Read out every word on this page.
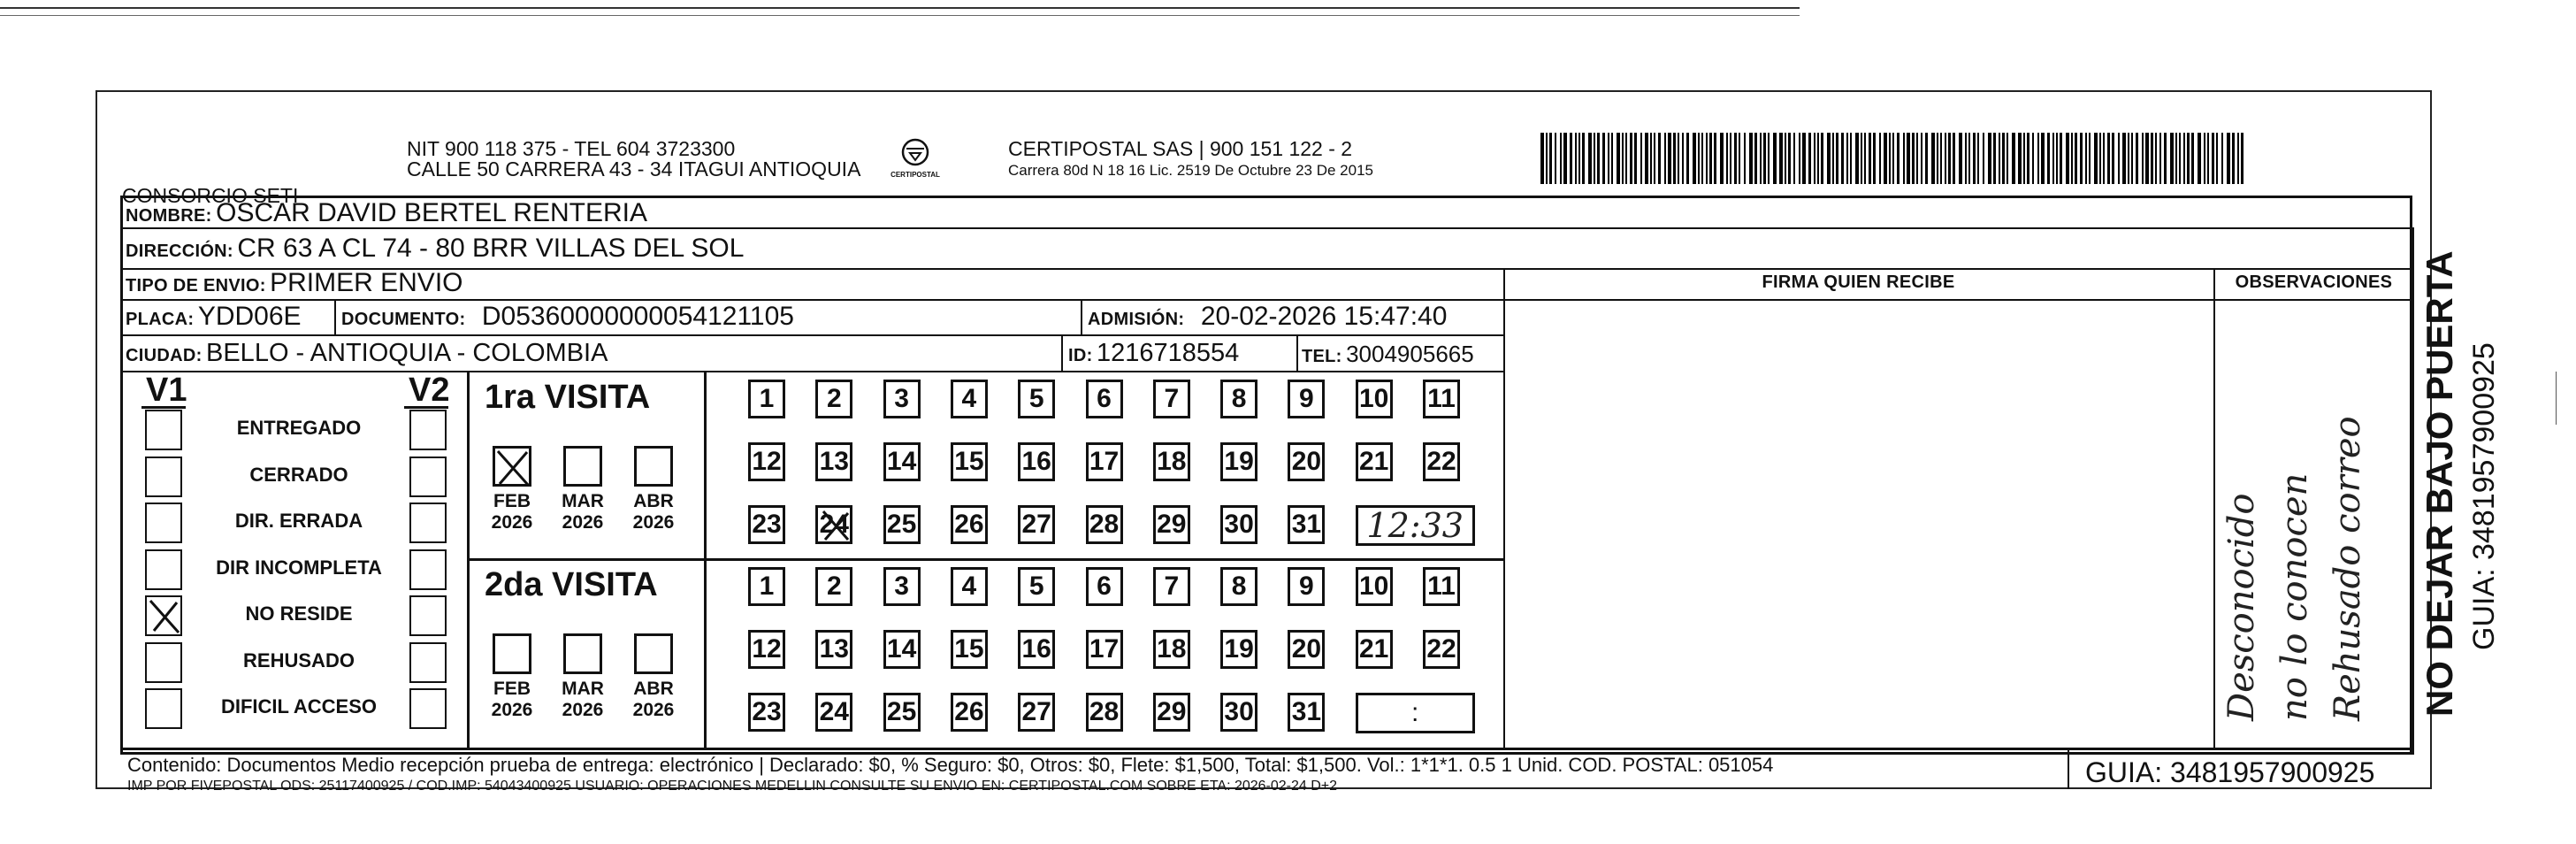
CONSORCIO SETI
NIT 900 118 375 - TEL 604 3723300
CALLE 50 CARRERA 43 - 34 ITAGUI ANTIOQUIA	CERTIPOSTAL
CERTIPOSTAL SAS | 900 151 122 - 2
Carrera 80d N 18 16 Lic. 2519 De Octubre 23 De 2015
NOMBRE: OSCAR DAVID BERTEL RENTERIA
DIRECCIÓN: CR 63 A CL 74 - 80 BRR VILLAS DEL SOL
TIPO DE ENVIO: PRIMER ENVIO	FIRMA QUIEN RECIBE	OBSERVACIONES
PLACA: YDD06E DOCUMENTO: D05360000000054121105	ADMISIÓN: 20-02-2026 15:47:40
CIUDAD: BELLO - ANTIOQUIA - COLOMBIA	ID: 1216718554	TEL: 3004905665
V1	V2
ENTREGADO
CERRADO
DIR. ERRADA
DIR INCOMPLETA
NO RESIDE
REHUSADO
DIFICIL ACCESO
1ra VISITA
FEB
2026
MAR
2026
ABR
2026
1 2 3 4 5 6 7 8 9 10 11
12 13 14 15 16 17 18 19 20 21 22
23 24 25 26 27 28 29 30 31 12:33
2da VISITA
FEB
2026
MAR
2026
ABR
2026
1 2 3 4 5 6 7 8 9 10 11
12 13 14 15 16 17 18 19 20 21 22
23 24 25 26 27 28 29 30 31	:	Desconocido no lo conocen Rehusado correo NO DEJAR BAJO PUERTA GUIA: 3481957900925
Contenido: Documentos Medio recepción prueba de entrega: electrónico | Declarado: $0, % Seguro: $0, Otros: $0, Flete: $1,500, Total: $1,500. Vol.: 1*1*1. 0.5 1 Unid. COD. POSTAL: 051054
IMP POR FIVEPOSTAL ODS: 25117400925 / COD.IMP: 54043400925 USUARIO: OPERACIONES MEDELLIN CONSULTE SU ENVIO EN: CERTIPOSTAL.COM SOBRE ETA: 2026-02-24 D+2	GUIA: 3481957900925
